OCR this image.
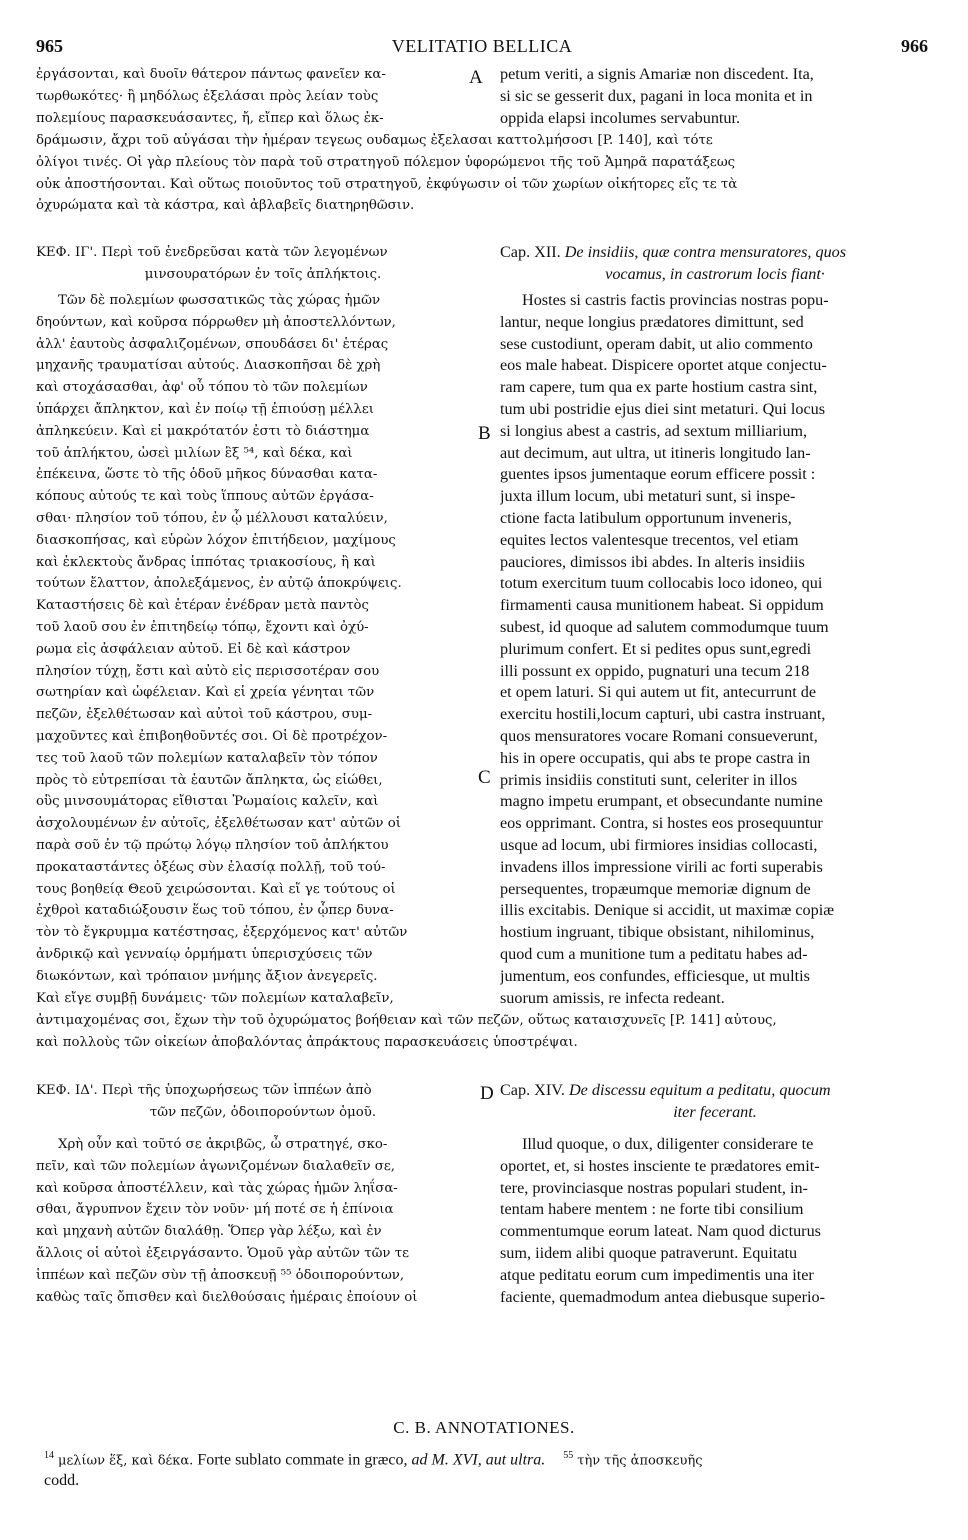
965	VELITATIO BELLICA	966
ἐργάσονται, καὶ δυοῖν θάτερον πάντως φανεῖεν κα-
τωρθωκότες· ἢ μηδόλως ἐξελάσαι πρὸς λείαν τοὺς
πολεμίους παρασκευάσαντες, ἤ, εἴπερ καὶ ὅλως ἐκ-
A petum veriti, a signis Amariæ non discedent. Ita,
si sic se gesserit dux, pagani in loca monita et in
oppida elapsi incolumes servabuntur.
δράμωσιν, ἄχρι τοῦ αὐγάσαι τὴν ἡμέραν τεγεως ουδαμως ἐξελασαι καττολμήσοσι [P. 140], καὶ τότε
ὀλίγοι τινές. Οἱ γὰρ πλείους τὸν παρὰ τοῦ στρατηγοῦ πόλεμον ὑφορώμενοι τῆς τοῦ Ἀμηρᾶ παρατάξεως
οὐκ ἀποστήσονται. Καὶ οὕτως ποιοῦντος τοῦ στρατηγοῦ, ἐκφύγωσιν οἱ τῶν χωρίων οἰκήτορες εἴς τε τὰ
ὀχυρώματα καὶ τὰ κάστρα, καὶ ἀβλαβεῖς διατηρηθῶσιν.
ΚΕΦ. ΙΓ'. Περὶ τοῦ ἐνεδρεῦσαι κατὰ τῶν λεγομένων
μινσουρατόρων ἐν τοῖς ἀπλήκτοις.
Cap. XII. De insidiis, quæ contra mensuratores, quos
vocamus, in castrorum locis fiant·
Τῶν δὲ πολεμίων φωσσατικῶς τὰς χώρας ἡμῶν
δηούντων, καὶ κοῦρσα πόρρωθεν μὴ ἀποστελλόντων,
ἀλλ' ἑαυτοὺς ἀσφαλιζομένων, σπουδάσει δι' ἑτέρας
μηχανῆς τραυματίσαι αὐτούς. Διασκοπῆσαι δὲ χρὴ
καὶ στοχάσασθαι, ἀφ' οὗ τόπου τὸ τῶν πολεμίων
ὑπάρχει ἄπληκτον, καὶ ἐν ποίῳ τῇ ἐπιούσῃ μέλλει
ἀπληκεύειν. Καὶ εἰ μακρότατόν ἐστι τὸ διάστημα
τοῦ ἀπλήκτου, ὡσεὶ μιλίων ἓξ ⁵⁴, καὶ δέκα, καὶ
ἐπέκεινα, ὥστε τὸ τῆς ὁδοῦ μῆκος δύνασθαι κατα-
κόπους αὐτούς τε καὶ τοὺς ἵππους αὐτῶν ἐργάσα-
σθαι· πλησίον τοῦ τόπου, ἐν ᾧ μέλλουσι καταλύειν,
διασκοπήσας, καὶ εὑρὼν λόχον ἐπιτήδειον, μαχίμους
καὶ ἐκλεκτοὺς ἄνδρας ἱππότας τριακοσίους, ἢ καὶ
τούτων ἔλαττον, ἀπολεξάμενος, ἐν αὐτῷ ἀποκρύψεις.
Καταστήσεις δὲ καὶ ἑτέραν ἐνέδραν μετὰ παντὸς
τοῦ λαοῦ σου ἐν ἐπιτηδείῳ τόπῳ, ἔχοντι καὶ ὀχύ-
ρωμα εἰς ἀσφάλειαν αὐτοῦ. Εἰ δὲ καὶ κάστρον
πλησίον τύχῃ, ἔστι καὶ αὐτὸ εἰς περισσοτέραν σου
σωτηρίαν καὶ ὠφέλειαν. Καὶ εἰ χρεία γένηται τῶν
πεζῶν, ἐξελθέτωσαν καὶ αὐτοὶ τοῦ κάστρου, συμ-
μαχοῦντες καὶ ἐπιβοηθοῦντές σοι. Οἱ δὲ προτρέχον-
τες τοῦ λαοῦ τῶν πολεμίων καταλαβεῖν τὸν τόπον
πρὸς τὸ εὐτρεπίσαι τὰ ἑαυτῶν ἄπληκτα, ὡς εἰώθει,
οὓς μινσουμάτορας εἴθισται Ῥωμαίοις καλεῖν, καὶ
ἀσχολουμένων ἐν αὐτοῖς, ἐξελθέτωσαν κατ' αὐτῶν οἱ
παρὰ σοῦ ἐν τῷ πρώτῳ λόγῳ πλησίον τοῦ ἀπλήκτου
προκαταστάντες ὀξέως σὺν ἐλασίᾳ πολλῇ, τοῦ τού-
τους βοηθείᾳ Θεοῦ χειρώσονται. Καὶ εἴ γε τούτους οἱ
ἐχθροὶ καταδιώξουσιν ἕως τοῦ τόπου, ἐν ᾧπερ δυνα-
τὸν τὸ ἔγκρυμμα κατέστησας, ἐξερχόμενος κατ' αὐτῶν
ἀνδρικῷ καὶ γενναίῳ ὁρμήματι ὑπερισχύσεις τῶν
διωκόντων, καὶ τρόπαιον μνήμης ἄξιον ἀνεγερεῖς.
Καὶ εἴγε συμβῇ δυνάμεις· τῶν πολεμίων καταλαβεῖν,
B
C
Hostes si castris factis provincias nostras popu-
lantur, neque longius prædatores dimittunt, sed
sese custodiunt, operam dabit, ut alio commento
eos male habeat. Dispicere oportet atque conjectu-
ram capere, tum qua ex parte hostium castra sint,
tum ubi postridie ejus diei sint metaturi. Qui locus
si longius abest a castris, ad sextum milliarium,
aut decimum, aut ultra, ut itineris longitudo lan-
guentes ipsos jumentaque eorum efficere possit :
juxta illum locum, ubi metaturi sunt, si inspe-
ctione facta latibulum opportunum inveneris,
equites lectos valentesque trecentos, vel etiam
pauciores, dimissos ibi abdes. In alteris insidiis
totum exercitum tuum collocabis loco idoneo, qui
firmamenti causa munitionem habeat. Si oppidum
subest, id quoque ad salutem commodumque tuum
plurimum confert. Et si pedites opus sunt,egredi
illi possunt ex oppido, pugnaturi una tecum 218
et opem laturi. Si qui autem ut fit, antecurrunt de
exercitu hostili,locum capturi, ubi castra instruant,
quos mensuratores vocare Romani consueverunt,
his in opere occupatis, qui abs te prope castra in
primis insidiis constituti sunt, celeriter in illos
magno impetu erumpant, et obsecundante numine
eos opprimant. Contra, si hostes eos prosequuntur
usque ad locum, ubi firmiores insidias collocasti,
invadens illos impressione virili ac forti superabis
persequentes, tropæumque memoriæ dignum de
illis excitabis. Denique si accidit, ut maximæ copiæ
hostium ingruant, tibique obsistant, nihilominus,
quod cum a munitione tum a peditatu habes ad-
jumentum, eos confundes, efficiesque, ut multis
suorum amissis, re infecta redeant.
ἀντιμαχομένας σοι, ἔχων τὴν τοῦ ὀχυρώματος βοήθειαν καὶ τῶν πεζῶν, οὕτως καταισχυνεῖς [P. 141] αὐτους,
καὶ πολλοὺς τῶν οἰκείων ἀποβαλόντας ἀπράκτους παρασκευάσεις ὑποστρέψαι.
ΚΕΦ. ΙΔ'. Περὶ τῆς ὑποχωρήσεως τῶν ἱππέων ἀπὸ
τῶν πεζῶν, ὁδοιπορούντων ὁμοῦ.
D Cap. XIV. De discessu equitum a peditatu, quocum
iter fecerant.
Χρὴ οὖν καὶ τοῦτό σε ἀκριβῶς, ὦ στρατηγέ, σκο-
πεῖν, καὶ τῶν πολεμίων ἀγωνιζομένων διαλαθεῖν σε,
καὶ κοῦρσα ἀποστέλλειν, καὶ τὰς χώρας ἡμῶν ληΐσα-
σθαι, ἄγρυπνον ἔχειν τὸν νοῦν· μή ποτέ σε ἡ ἐπίνοια
καὶ μηχανὴ αὐτῶν διαλάθῃ. Ὅπερ γὰρ λέξω, καὶ ἐν
ἄλλοις οἱ αὐτοὶ ἐξειργάσαντο. Ὁμοῦ γὰρ αὐτῶν τῶν τε
ἱππέων καὶ πεζῶν σὺν τῇ ἀποσκευῇ ⁵⁵ ὁδοιπορούντων,
καθὼς ταῖς ὄπισθεν καὶ διελθούσαις ἡμέραις ἐποίουν οἱ
Illud quoque, o dux, diligenter considerare te
oportet, et, si hostes insciente te prædatores emit-
tere, provinciasque nostras populari student, in-
tentam habere mentem : ne forte tibi consilium
commentumque eorum lateat. Nam quod dicturus
sum, iidem alibi quoque patraverunt. Equitatu
atque peditatu eorum cum impedimentis una iter
faciente, quemadmodum antea diebusque superio-
C. B. ANNOTATIONES.
$^{14}$ μελίων ἕξ, καὶ δέκα. Forte sublato commate in græco, ad M. XVI, aut ultra. $^{55}$ τὴν τῆς ἀποσκευῆς
codd.
